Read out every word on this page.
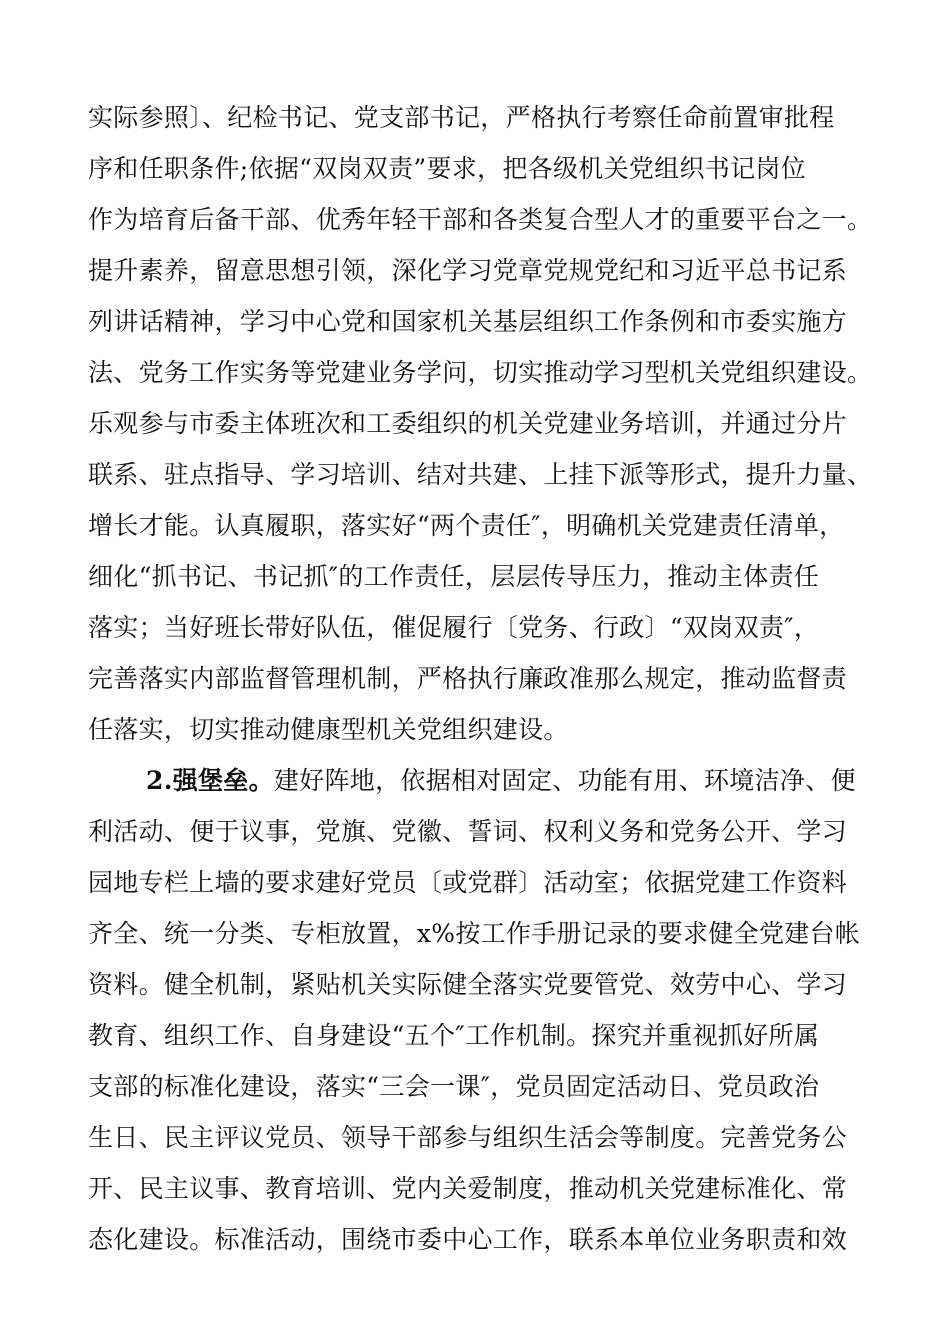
实际参照〕、纪检书记、党支部书记，严格执行考察任命前置审批程
序和任职条件;依据“双岗双责”要求，把各级机关党组织书记岗位
作为培育后备干部、优秀年轻干部和各类复合型人才的重要平台之一。
提升素养，留意思想引领，深化学习党章党规党纪和习近平总书记系
列讲话精神，学习中心党和国家机关基层组织工作条例和市委实施方
法、党务工作实务等党建业务学问，切实推动学习型机关党组织建设。
乐观参与市委主体班次和工委组织的机关党建业务培训，并通过分片
联系、驻点指导、学习培训、结对共建、上挂下派等形式，提升力量、
增长才能。认真履职，落实好“两个责任″，明确机关党建责任清单，
细化“抓书记、书记抓″的工作责任，层层传导压力，推动主体责任
落实；当好班长带好队伍，催促履行〔党务、行政〕“双岗双责″，
完善落实内部监督管理机制，严格执行廉政准那么规定，推动监督责
任落实，切实推动健康型机关党组织建设。
2.强堡垒。建好阵地，依据相对固定、功能有用、环境洁净、便
利活动、便于议事，党旗、党徽、誓词、权利义务和党务公开、学习
园地专栏上墙的要求建好党员〔或党群〕活动室；依据党建工作资料
齐全、统一分类、专柜放置，x%按工作手册记录的要求健全党建台帐
资料。健全机制，紧贴机关实际健全落实党要管党、效劳中心、学习
教育、组织工作、自身建设“五个″工作机制。探究并重视抓好所属
支部的标准化建设，落实“三会一课″，党员固定活动日、党员政治
生日、民主评议党员、领导干部参与组织生活会等制度。完善党务公
开、民主议事、教育培训、党内关爱制度，推动机关党建标准化、常
态化建设。标准活动，围绕市委中心工作，联系本单位业务职责和效
